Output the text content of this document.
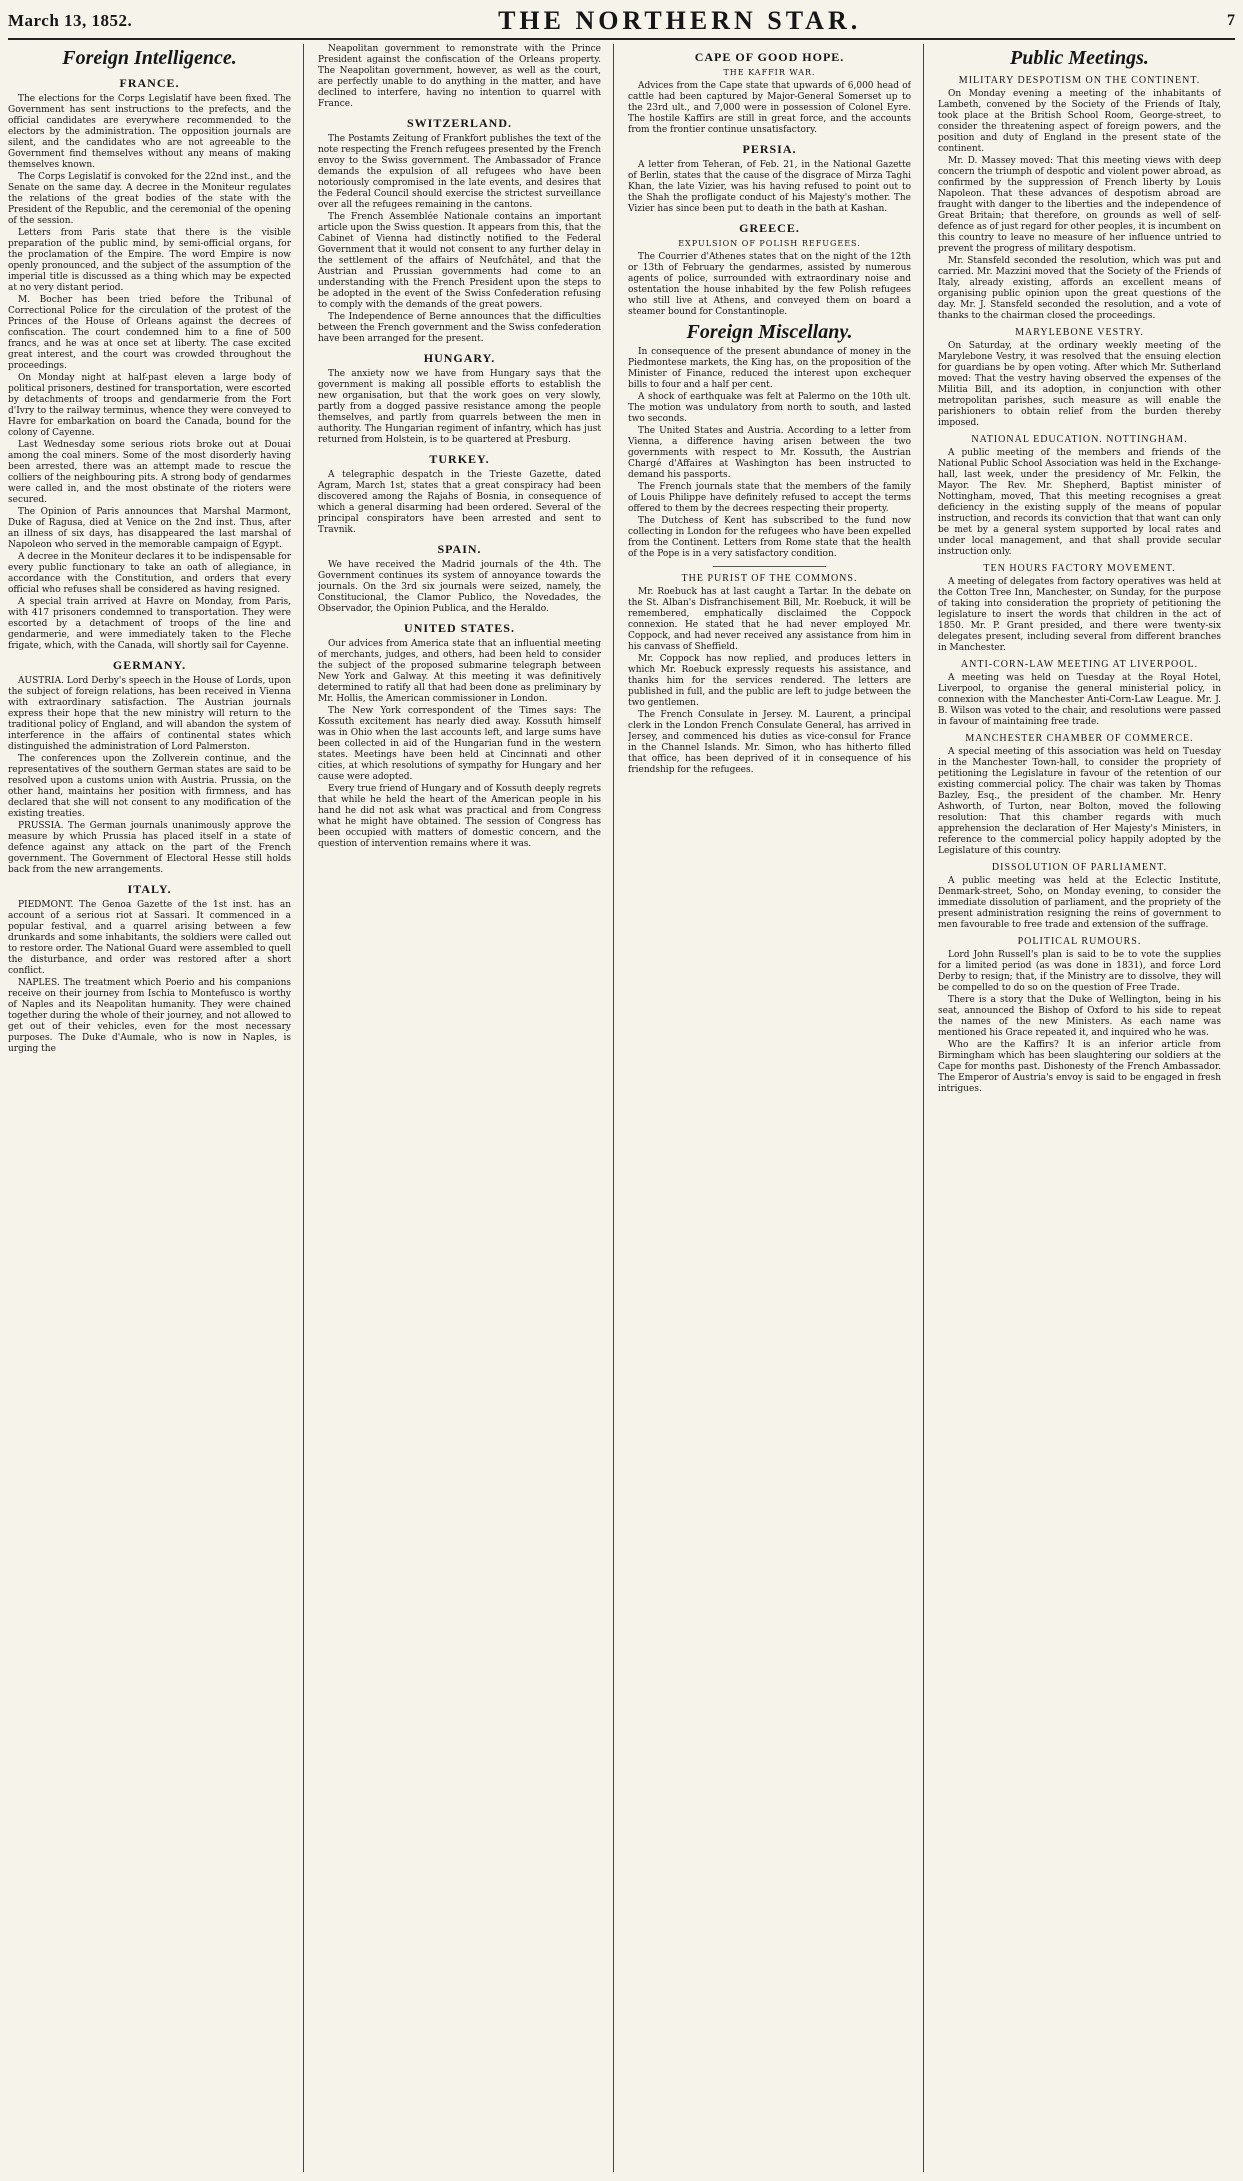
March 13, 1852.	THE NORTHERN STAR.	7
Foreign Intelligence.
FRANCE.

The elections for the Corps Legislatif have been fixed. The Government has sent instructions to the prefects, and the official candidates are everywhere recommended to the electors by the administration. The opposition journals are silent, and the candidates who are not agreeable to the Government find themselves without any means of making themselves known.

The Corps Legislatif is convoked for the 22nd inst., and the Senate on the same day. A decree in the Moniteur regulates the relations of the great bodies of the state with the President of the Republic, and the ceremonial of the opening of the session.

Letters from Paris state that there is the visible preparation of the public mind, by semi-official organs, for the proclamation of the Empire. The word Empire is now openly pronounced, and the subject of the assumption of the imperial title is discussed as a thing which may be expected at no very distant period.

M. Bocher has been tried before the Tribunal of Correctional Police for the circulation of the protest of the Princes of the House of Orleans against the decrees of confiscation. The court condemned him to a fine of 500 francs, and he was at once set at liberty. The case excited great interest, and the court was crowded throughout the proceedings.

On Monday night at half-past eleven a large body of political prisoners, destined for transportation, were escorted by detachments of troops and gendarmerie from the Fort d'Ivry to the railway terminus, whence they were conveyed to Havre for embarkation on board the Canada, bound for the colony of Cayenne.

Last Wednesday some serious riots broke out at Douai among the coal miners. Some of the most disorderly having been arrested, there was an attempt made to rescue the colliers of the neighbouring pits. A strong body of gendarmes were called in, and the most obstinate of the rioters were secured.

The Opinion of Paris announces that Marshal Marmont, Duke of Ragusa, died at Venice on the 2nd inst. Thus, after an illness of six days, has disappeared the last marshal of Napoleon who served in the memorable campaign of Egypt.

A decree in the Moniteur declares it to be indispensable for every public functionary to take an oath of allegiance, in accordance with the Constitution, and orders that every official who refuses shall be considered as having resigned.

A special train arrived at Havre on Monday, from Paris, with 417 prisoners condemned to transportation. They were escorted by a detachment of troops of the line and gendarmerie, and were immediately taken to the Fleche frigate, which, with the Canada, will shortly sail for Cayenne.

GERMANY.

AUSTRIA. Lord Derby's speech in the House of Lords, upon the subject of foreign relations, has been received in Vienna with extraordinary satisfaction. The Austrian journals express their hope that the new ministry will return to the traditional policy of England, and will abandon the system of interference in the affairs of continental states which distinguished the administration of Lord Palmerston.

The conferences upon the Zollverein continue, and the representatives of the southern German states are said to be resolved upon a customs union with Austria. Prussia, on the other hand, maintains her position with firmness, and has declared that she will not consent to any modification of the existing treaties.

PRUSSIA. The German journals unanimously approve the measure by which Prussia has placed itself in a state of defence against any attack on the part of the French government. The Government of Electoral Hesse still holds back from the new arrangements.

ITALY.

PIEDMONT. The Genoa Gazette of the 1st inst. has an account of a serious riot at Sassari. It commenced in a popular festival, and a quarrel arising between a few drunkards and some inhabitants, the soldiers were called out to restore order. The National Guard were assembled to quell the disturbance, and order was restored after a short conflict.

NAPLES. The treatment which Poerio and his companions receive on their journey from Ischia to Montefusco is worthy of Naples and its Neapolitan humanity. They were chained together during the whole of their journey, and not allowed to get out of their vehicles, even for the most necessary purposes. The Duke d'Aumale, who is now in Naples, is urging the

Neapolitan government to remonstrate with the Prince President against the confiscation of the Orleans property. The Neapolitan government, however, as well as the court, are perfectly unable to do anything in the matter, and have declined to interfere, having no intention to quarrel with France.

SWITZERLAND.

The Postamts Zeitung of Frankfort publishes the text of the note respecting the French refugees presented by the French envoy to the Swiss government. The Ambassador of France demands the expulsion of all refugees who have been notoriously compromised in the late events, and desires that the Federal Council should exercise the strictest surveillance over all the refugees remaining in the cantons.

The French Assemblée Nationale contains an important article upon the Swiss question. It appears from this, that the Cabinet of Vienna had distinctly notified to the Federal Government that it would not consent to any further delay in the settlement of the affairs of Neufchâtel, and that the Austrian and Prussian governments had come to an understanding with the French President upon the steps to be adopted in the event of the Swiss Confederation refusing to comply with the demands of the great powers.

The Independence of Berne announces that the difficulties between the French government and the Swiss confederation have been arranged for the present.

HUNGARY.

The anxiety now we have from Hungary says that the government is making all possible efforts to establish the new organisation, but that the work goes on very slowly, partly from a dogged passive resistance among the people themselves, and partly from quarrels between the men in authority. The Hungarian regiment of infantry, which has just returned from Holstein, is to be quartered at Presburg.

TURKEY.

A telegraphic despatch in the Trieste Gazette, dated Agram, March 1st, states that a great conspiracy had been discovered among the Rajahs of Bosnia, in consequence of which a general disarming had been ordered. Several of the principal conspirators have been arrested and sent to Travnik.

SPAIN.

We have received the Madrid journals of the 4th. The Government continues its system of annoyance towards the journals. On the 3rd six journals were seized, namely, the Constitucional, the Clamor Publico, the Novedades, the Observador, the Opinion Publica, and the Heraldo.

UNITED STATES.

Our advices from America state that an influential meeting of merchants, judges, and others, had been held to consider the subject of the proposed submarine telegraph between New York and Galway. At this meeting it was definitively determined to ratify all that had been done as preliminary by Mr. Hollis, the American commissioner in London.

The New York correspondent of the Times says: The Kossuth excitement has nearly died away. Kossuth himself was in Ohio when the last accounts left, and large sums have been collected in aid of the Hungarian fund in the western states. Meetings have been held at Cincinnati and other cities, at which resolutions of sympathy for Hungary and her cause were adopted.

Every true friend of Hungary and of Kossuth deeply regrets that while he held the heart of the American people in his hand he did not ask what was practical and from Congress what he might have obtained. The session of Congress has been occupied with matters of domestic concern, and the question of intervention remains where it was.

CAPE OF GOOD HOPE.
THE KAFFIR WAR.

Advices from the Cape state that upwards of 6,000 head of cattle had been captured by Major-General Somerset up to the 23rd ult., and 7,000 were in possession of Colonel Eyre. The hostile Kaffirs are still in great force, and the accounts from the frontier continue unsatisfactory.

PERSIA.

A letter from Teheran, of Feb. 21, in the National Gazette of Berlin, states that the cause of the disgrace of Mirza Taghi Khan, the late Vizier, was his having refused to point out to the Shah the profligate conduct of his Majesty's mother. The Vizier has since been put to death in the bath at Kashan.

GREECE.
EXPULSION OF POLISH REFUGEES.

The Courrier d'Athenes states that on the night of the 12th or 13th of February the gendarmes, assisted by numerous agents of police, surrounded with extraordinary noise and ostentation the house inhabited by the few Polish refugees who still live at Athens, and conveyed them on board a steamer bound for Constantinople.

Foreign Miscellany.

In consequence of the present abundance of money in the Piedmontese markets, the King has, on the proposition of the Minister of Finance, reduced the interest upon exchequer bills to four and a half per cent.

A shock of earthquake was felt at Palermo on the 10th ult. The motion was undulatory from north to south, and lasted two seconds.

The United States and Austria. According to a letter from Vienna, a difference having arisen between the two governments with respect to Mr. Kossuth, the Austrian Chargé d'Affaires at Washington has been instructed to demand his passports.

The French journals state that the members of the family of Louis Philippe have definitely refused to accept the terms offered to them by the decrees respecting their property.

The Dutchess of Kent has subscribed to the fund now collecting in London for the refugees who have been expelled from the Continent. Letters from Rome state that the health of the Pope is in a very satisfactory condition.

THE PURIST OF THE COMMONS.

Mr. Roebuck has at last caught a Tartar. In the debate on the St. Alban's Disfranchisement Bill, Mr. Roebuck, it will be remembered, emphatically disclaimed the Coppock connexion. He stated that he had never employed Mr. Coppock, and had never received any assistance from him in his canvass of Sheffield.

Mr. Coppock has now replied, and produces letters in which Mr. Roebuck expressly requests his assistance, and thanks him for the services rendered. The letters are published in full, and the public are left to judge between the two gentlemen.

The French Consulate in Jersey. M. Laurent, a principal clerk in the London French Consulate General, has arrived in Jersey, and commenced his duties as vice-consul for France in the Channel Islands. Mr. Simon, who has hitherto filled that office, has been deprived of it in consequence of his friendship for the refugees.

Public Meetings.
MILITARY DESPOTISM ON THE CONTINENT.

On Monday evening a meeting of the inhabitants of Lambeth, convened by the Society of the Friends of Italy, took place at the British School Room, George-street, to consider the threatening aspect of foreign powers, and the position and duty of England in the present state of the continent.

Mr. D. Massey moved: That this meeting views with deep concern the triumph of despotic and violent power abroad, as confirmed by the suppression of French liberty by Louis Napoleon. That these advances of despotism abroad are fraught with danger to the liberties and the independence of Great Britain; that therefore, on grounds as well of self-defence as of just regard for other peoples, it is incumbent on this country to leave no measure of her influence untried to prevent the progress of military despotism.

Mr. Stansfeld seconded the resolution, which was put and carried. Mr. Mazzini moved that the Society of the Friends of Italy, already existing, affords an excellent means of organising public opinion upon the great questions of the day. Mr. J. Stansfeld seconded the resolution, and a vote of thanks to the chairman closed the proceedings.

MARYLEBONE VESTRY.

On Saturday, at the ordinary weekly meeting of the Marylebone Vestry, it was resolved that the ensuing election for guardians be by open voting. After which Mr. Sutherland moved: That the vestry having observed the expenses of the Militia Bill, and its adoption, in conjunction with other metropolitan parishes, such measure as will enable the parishioners to obtain relief from the burden thereby imposed.

NATIONAL EDUCATION. NOTTINGHAM.

A public meeting of the members and friends of the National Public School Association was held in the Exchange-hall, last week, under the presidency of Mr. Felkin, the Mayor. The Rev. Mr. Shepherd, Baptist minister of Nottingham, moved, That this meeting recognises a great deficiency in the existing supply of the means of popular instruction, and records its conviction that that want can only be met by a general system supported by local rates and under local management, and that shall provide secular instruction only.

TEN HOURS FACTORY MOVEMENT.

A meeting of delegates from factory operatives was held at the Cotton Tree Inn, Manchester, on Sunday, for the purpose of taking into consideration the propriety of petitioning the legislature to insert the words that children in the act of 1850. Mr. P. Grant presided, and there were twenty-six delegates present, including several from different branches in Manchester.

ANTI-CORN-LAW MEETING AT LIVERPOOL.

A meeting was held on Tuesday at the Royal Hotel, Liverpool, to organise the general ministerial policy, in connexion with the Manchester Anti-Corn-Law League. Mr. J. B. Wilson was voted to the chair, and resolutions were passed in favour of maintaining free trade.

MANCHESTER CHAMBER OF COMMERCE.

A special meeting of this association was held on Tuesday in the Manchester Town-hall, to consider the propriety of petitioning the Legislature in favour of the retention of our existing commercial policy. The chair was taken by Thomas Bazley, Esq., the president of the chamber. Mr. Henry Ashworth, of Turton, near Bolton, moved the following resolution: That this chamber regards with much apprehension the declaration of Her Majesty's Ministers, in reference to the commercial policy happily adopted by the Legislature of this country.

DISSOLUTION OF PARLIAMENT.

A public meeting was held at the Eclectic Institute, Denmark-street, Soho, on Monday evening, to consider the immediate dissolution of parliament, and the propriety of the present administration resigning the reins of government to men favourable to free trade and extension of the suffrage.

POLITICAL RUMOURS.

Lord John Russell's plan is said to be to vote the supplies for a limited period (as was done in 1831), and force Lord Derby to resign; that, if the Ministry are to dissolve, they will be compelled to do so on the question of Free Trade.

There is a story that the Duke of Wellington, being in his seat, announced the Bishop of Oxford to his side to repeat the names of the new Ministers. As each name was mentioned his Grace repeated it, and inquired who he was.

Who are the Kaffirs? It is an inferior article from Birmingham which has been slaughtering our soldiers at the Cape for months past. Dishonesty of the French Ambassador. The Emperor of Austria's envoy is said to be engaged in fresh intrigues.
